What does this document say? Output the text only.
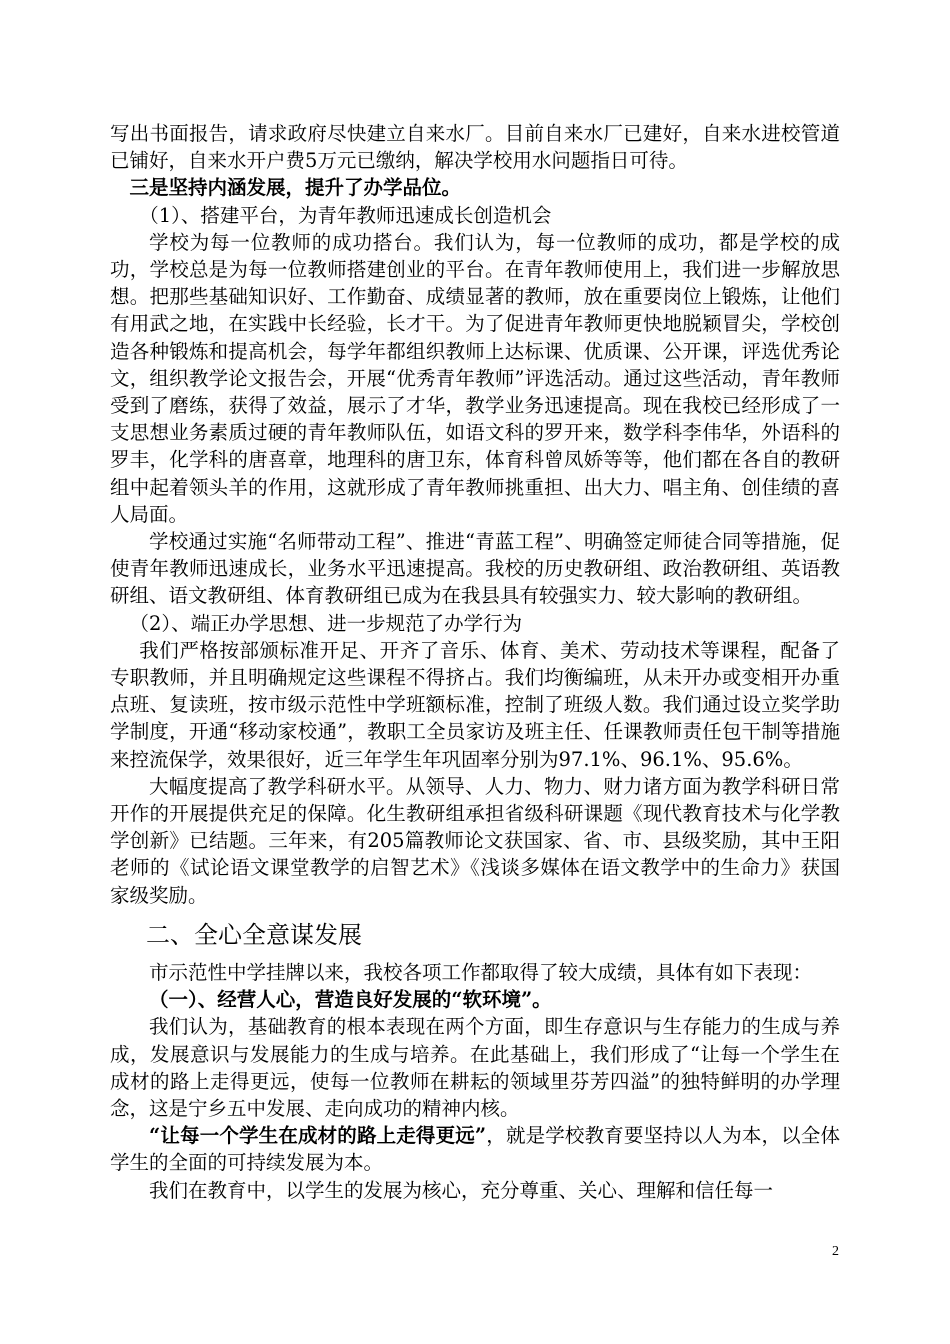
写出书面报告，请求政府尽快建立自来水厂。目前自来水厂已建好，自来水进校管道已铺好，自来水开户费5万元已缴纳，解决学校用水问题指日可待。

三是坚持内涵发展，提升了办学品位。

（1）、搭建平台，为青年教师迅速成长创造机会

学校为每一位教师的成功搭台。我们认为，每一位教师的成功，都是学校的成功，学校总是为每一位教师搭建创业的平台。在青年教师使用上，我们进一步解放思想。把那些基础知识好、工作勤奋、成绩显著的教师，放在重要岗位上锻炼，让他们有用武之地，在实践中长经验，长才干。为了促进青年教师更快地脱颖冒尖，学校创造各种锻炼和提高机会，每学年都组织教师上达标课、优质课、公开课，评选优秀论文，组织教学论文报告会，开展“优秀青年教师”评选活动。通过这些活动，青年教师受到了磨练，获得了效益，展示了才华，教学业务迅速提高。现在我校已经形成了一支思想业务素质过硬的青年教师队伍，如语文科的罗开来，数学科李伟华，外语科的罗丰，化学科的唐喜章，地理科的唐卫东，体育科曾凤娇等等，他们都在各自的教研组中起着领头羊的作用，这就形成了青年教师挑重担、出大力、唱主角、创佳绩的喜人局面。

学校通过实施“名师带动工程”、推进“青蓝工程”、明确签定师徒合同等措施，促使青年教师迅速成长，业务水平迅速提高。我校的历史教研组、政治教研组、英语教研组、语文教研组、体育教研组已成为在我县具有较强实力、较大影响的教研组。

（2）、端正办学思想、进一步规范了办学行为

我们严格按部颁标准开足、开齐了音乐、体育、美术、劳动技术等课程，配备了专职教师，并且明确规定这些课程不得挤占。我们均衡编班，从未开办或变相开办重点班、复读班，按市级示范性中学班额标准，控制了班级人数。我们通过设立奖学助学制度，开通“移动家校通”，教职工全员家访及班主任、任课教师责任包干制等措施来控流保学，效果很好，近三年学生年巩固率分别为97.1%、96.1%、95.6%。

大幅度提高了教学科研水平。从领导、人力、物力、财力诸方面为教学科研日常开作的开展提供充足的保障。化生教研组承担省级科研课题《现代教育技术与化学教学创新》已结题。三年来，有205篇教师论文获国家、省、市、县级奖励，其中王阳老师的《试论语文课堂教学的启智艺术》《浅谈多媒体在语文教学中的生命力》获国家级奖励。

二、全心全意谋发展

市示范性中学挂牌以来，我校各项工作都取得了较大成绩，具体有如下表现：

（一）、经营人心，营造良好发展的“软环境”。

我们认为，基础教育的根本表现在两个方面，即生存意识与生存能力的生成与养成，发展意识与发展能力的生成与培养。在此基础上，我们形成了“让每一个学生在成材的路上走得更远，使每一位教师在耕耘的领域里芬芳四溢”的独特鲜明的办学理念，这是宁乡五中发展、走向成功的精神内核。

“让每一个学生在成材的路上走得更远”，就是学校教育要坚持以人为本，以全体学生的全面的可持续发展为本。

我们在教育中，以学生的发展为核心，充分尊重、关心、理解和信任每一

2
